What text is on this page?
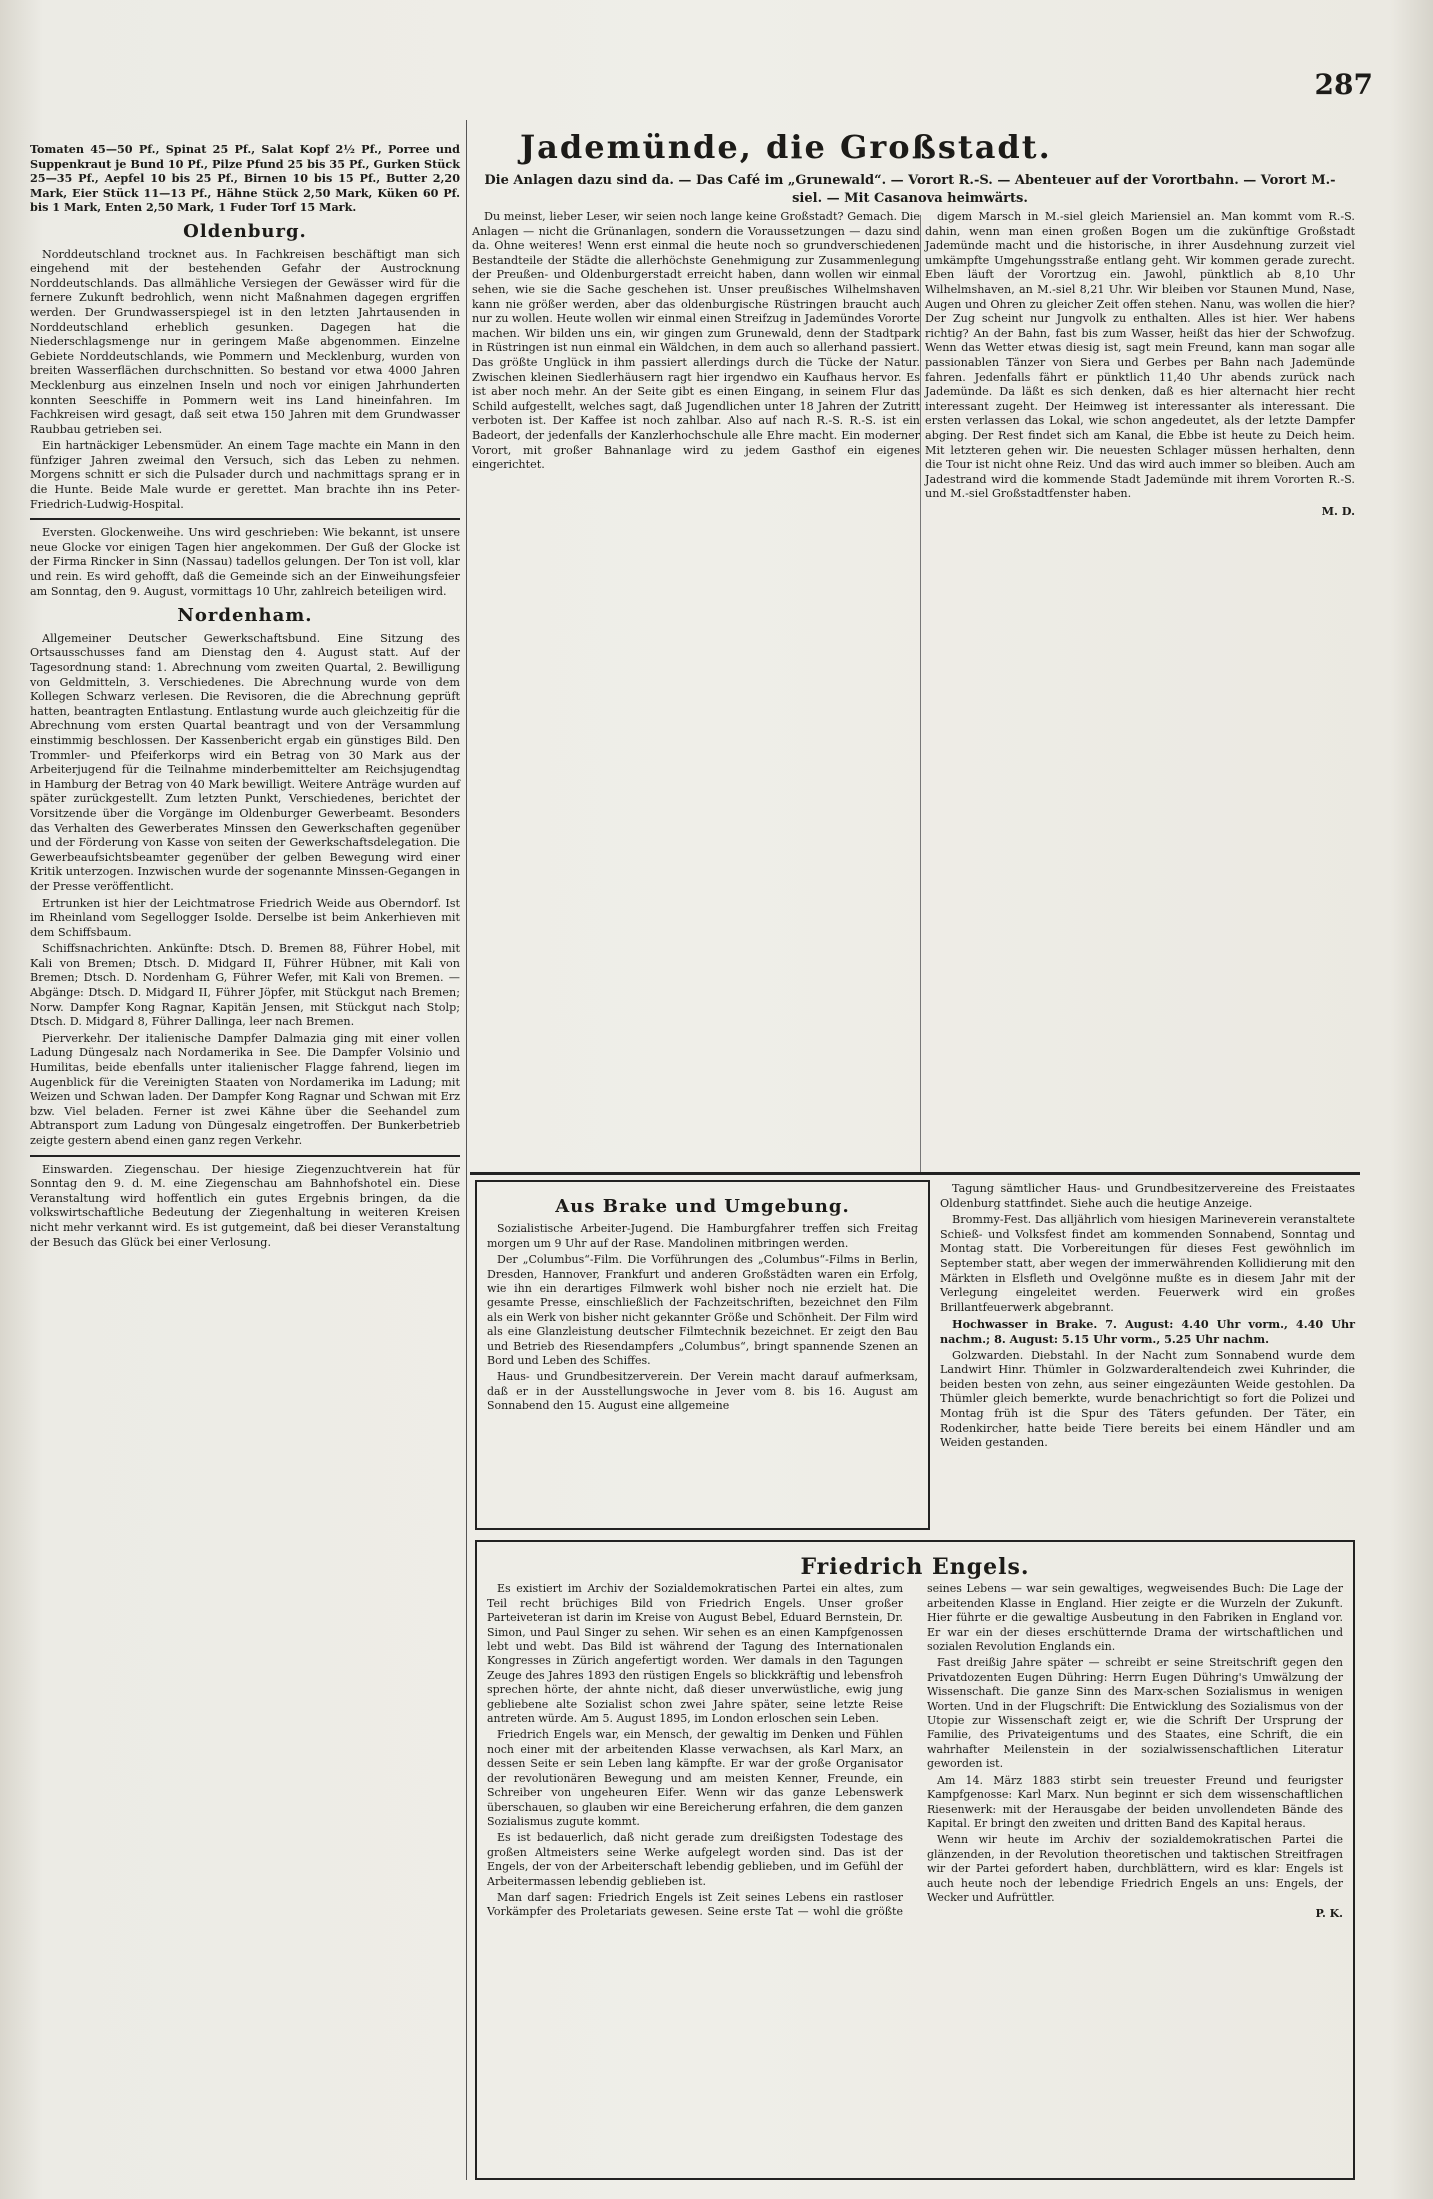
287

Tomaten 45—50 Pf., Spinat 25 Pf., Salat Kopf 2½ Pf., Porree und Suppenkraut je Bund 10 Pf., Pilze Pfund 25 bis 35 Pf., Gurken Stück 25—35 Pf., Aepfel 10 bis 25 Pf., Birnen 10 bis 15 Pf., Butter 2,20 Mark, Eier Stück 11—13 Pf., Hähne Stück 2,50 Mark, Küken 60 Pf. bis 1 Mark, Enten 2,50 Mark, 1 Fuder Torf 15 Mark.

Oldenburg.

Norddeutschland trocknet aus. In Fachkreisen beschäftigt man sich eingehend mit der bestehenden Gefahr der Austrocknung Norddeutschlands. Das allmähliche Versiegen der Gewässer wird für die fernere Zukunft bedrohlich, wenn nicht Maßnahmen dagegen ergriffen werden. Der Grundwasserspiegel ist in den letzten Jahrtausenden in Norddeutschland erheblich gesunken. Dagegen hat die Niederschlagsmenge nur in geringem Maße abgenommen. Einzelne Gebiete Norddeutschlands, wie Pommern und Mecklenburg, wurden von breiten Wasserflächen durchschnitten. So bestand vor etwa 4000 Jahren Mecklenburg aus einzelnen Inseln und noch vor einigen Jahrhunderten konnten Seeschiffe in Pommern weit ins Land hineinfahren. Im Fachkreisen wird gesagt, daß seit etwa 150 Jahren mit dem Grundwasser Raubbau getrieben sei.

Ein hartnäckiger Lebensmüder. An einem Tage machte ein Mann in den fünfziger Jahren zweimal den Versuch, sich das Leben zu nehmen. Morgens schnitt er sich die Pulsader durch und nachmittags sprang er in die Hunte. Beide Male wurde er gerettet. Man brachte ihn ins Peter-Friedrich-Ludwig-Hospital.

Eversten. Glockenweihe. Uns wird geschrieben: Wie bekannt, ist unsere neue Glocke vor einigen Tagen hier angekommen. Der Guß der Glocke ist der Firma Rincker in Sinn (Nassau) tadellos gelungen. Der Ton ist voll, klar und rein. Es wird gehofft, daß die Gemeinde sich an der Einweihungsfeier am Sonntag, den 9. August, vormittags 10 Uhr, zahlreich beteiligen wird.

Nordenham.

Allgemeiner Deutscher Gewerkschaftsbund. Eine Sitzung des Ortsausschusses fand am Dienstag den 4. August statt. Auf der Tagesordnung stand: 1. Abrechnung vom zweiten Quartal, 2. Bewilligung von Geldmitteln, 3. Verschiedenes. Die Abrechnung wurde von dem Kollegen Schwarz verlesen. Die Revisoren, die die Abrechnung geprüft hatten, beantragten Entlastung. Entlastung wurde auch gleichzeitig für die Abrechnung vom ersten Quartal beantragt und von der Versammlung einstimmig beschlossen. Der Kassenbericht ergab ein günstiges Bild. Den Trommler- und Pfeiferkorps wird ein Betrag von 30 Mark aus der Arbeiterjugend für die Teilnahme minderbemittelter am Reichsjugendtag in Hamburg der Betrag von 40 Mark bewilligt. Weitere Anträge wurden auf später zurückgestellt. Zum letzten Punkt, Verschiedenes, berichtet der Vorsitzende über die Vorgänge im Oldenburger Gewerbeamt. Besonders das Verhalten des Gewerberates Minssen den Gewerkschaften gegenüber und der Förderung von Kasse von seiten der Gewerkschaftsdelegation. Die Gewerbeaufsichtsbeamter gegenüber der gelben Bewegung wird einer Kritik unterzogen. Inzwischen wurde der sogenannte Minssen-Gegangen in der Presse veröffentlicht.

Ertrunken ist hier der Leichtmatrose Friedrich Weide aus Oberndorf. Ist im Rheinland vom Segellogger Isolde. Derselbe ist beim Ankerhieven mit dem Schiffsbaum.

Schiffsnachrichten. Ankünfte: Dtsch. D. Bremen 88, Führer Hobel, mit Kali von Bremen; Dtsch. D. Midgard II, Führer Hübner, mit Kali von Bremen; Dtsch. D. Nordenham G, Führer Wefer, mit Kali von Bremen. — Abgänge: Dtsch. D. Midgard II, Führer Jöpfer, mit Stückgut nach Bremen; Norw. Dampfer Kong Ragnar, Kapitän Jensen, mit Stückgut nach Stolp; Dtsch. D. Midgard 8, Führer Dallinga, leer nach Bremen.

Pierverkehr. Der italienische Dampfer Dalmazia ging mit einer vollen Ladung Düngesalz nach Nordamerika in See. Die Dampfer Volsinio und Humilitas, beide ebenfalls unter italienischer Flagge fahrend, liegen im Augenblick für die Vereinigten Staaten von Nordamerika im Ladung; mit Weizen und Schwan laden. Der Dampfer Kong Ragnar und Schwan mit Erz bzw. Viel beladen. Ferner ist zwei Kähne über die Seehandel zum Abtransport zum Ladung von Düngesalz eingetroffen. Der Bunkerbetrieb zeigte gestern abend einen ganz regen Verkehr.

Einswarden. Ziegenschau. Der hiesige Ziegenzuchtverein hat für Sonntag den 9. d. M. eine Ziegenschau am Bahnhofshotel ein. Diese Veranstaltung wird hoffentlich ein gutes Ergebnis bringen, da die volkswirtschaftliche Bedeutung der Ziegenhaltung in weiteren Kreisen nicht mehr verkannt wird. Es ist gutgemeint, daß bei dieser Veranstaltung der Besuch das Glück bei einer Verlosung.

Jademünde, die Großstadt.
Die Anlagen dazu sind da. — Das Café im „Grunewald“. — Vorort R.-S. — Abenteuer auf der Vorortbahn. — Vorort M.-siel. — Mit Casanova heimwärts.

Du meinst, lieber Leser, wir seien noch lange keine Großstadt? Gemach. Die Anlagen — nicht die Grünanlagen, sondern die Voraussetzungen — dazu sind da. Ohne weiteres! Wenn erst einmal die heute noch so grundverschiedenen Bestandteile der Städte die allerhöchste Genehmigung zur Zusammenlegung der Preußen- und Oldenburgerstadt erreicht haben, dann wollen wir einmal sehen, wie sie die Sache geschehen ist. Unser preußisches Wilhelmshaven kann nie größer werden, aber das oldenburgische Rüstringen braucht auch nur zu wollen. Heute wollen wir einmal einen Streifzug in Jademündes Vororte machen. Wir bilden uns ein, wir gingen zum Grunewald, denn der Stadtpark in Rüstringen ist nun einmal ein Wäldchen, in dem auch so allerhand passiert. Das größte Unglück in ihm passiert allerdings durch die Tücke der Natur. Zwischen kleinen Siedlerhäusern ragt hier irgendwo ein Kaufhaus hervor. Es ist aber noch mehr. An der Seite gibt es einen Eingang, in seinem Flur das Schild aufgestellt, welches sagt, daß Jugendlichen unter 18 Jahren der Zutritt verboten ist. Der Kaffee ist noch zahlbar. Also auf nach R.-S. R.-S. ist ein Badeort, der jedenfalls der Kanzlerhochschule alle Ehre macht. Ein moderner Vorort, mit großer Bahnanlage wird zu jedem Gasthof ein eigenes eingerichtet.

digem Marsch in M.-siel gleich Mariensiel an. Man kommt vom R.-S. dahin, wenn man einen großen Bogen um die zukünftige Großstadt Jademünde macht und die historische, in ihrer Ausdehnung zurzeit viel umkämpfte Umgehungsstraße entlang geht. Wir kommen gerade zurecht. Eben läuft der Vorortzug ein. Jawohl, pünktlich ab 8,10 Uhr Wilhelmshaven, an M.-siel 8,21 Uhr. Wir bleiben vor Staunen Mund, Nase, Augen und Ohren zu gleicher Zeit offen stehen. Nanu, was wollen die hier? Der Zug scheint nur Jungvolk zu enthalten. Alles ist hier. Wer habens richtig? An der Bahn, fast bis zum Wasser, heißt das hier der Schwofzug. Wenn das Wetter etwas diesig ist, sagt mein Freund, kann man sogar alle passionablen Tänzer von Siera und Gerbes per Bahn nach Jademünde fahren. Jedenfalls fährt er pünktlich 11,40 Uhr abends zurück nach Jademünde. Da läßt es sich denken, daß es hier alternacht hier recht interessant zugeht. Der Heimweg ist interessanter als interessant. Die ersten verlassen das Lokal, wie schon angedeutet, als der letzte Dampfer abging. Der Rest findet sich am Kanal, die Ebbe ist heute zu Deich heim. Mit letzteren gehen wir. Die neuesten Schlager müssen herhalten, denn die Tour ist nicht ohne Reiz. Und das wird auch immer so bleiben. Auch am Jadestrand wird die kommende Stadt Jademünde mit ihrem Vororten R.-S. und M.-siel Großstadtfenster haben.

M. D.

Aus Brake und Umgebung.

Sozialistische Arbeiter-Jugend. Die Hamburgfahrer treffen sich Freitag morgen um 9 Uhr auf der Rase. Mandolinen mitbringen werden.

Der „Columbus“-Film. Die Vorführungen des „Columbus“-Films in Berlin, Dresden, Hannover, Frankfurt und anderen Großstädten waren ein Erfolg, wie ihn ein derartiges Filmwerk wohl bisher noch nie erzielt hat. Die gesamte Presse, einschließlich der Fachzeitschriften, bezeichnet den Film als ein Werk von bisher nicht gekannter Größe und Schönheit. Der Film wird als eine Glanzleistung deutscher Filmtechnik bezeichnet. Er zeigt den Bau und Betrieb des Riesendampfers „Columbus“, bringt spannende Szenen an Bord und Leben des Schiffes.

Haus- und Grundbesitzerverein. Der Verein macht darauf aufmerksam, daß er in der Ausstellungswoche in Jever vom 8. bis 16. August am Sonnabend den 15. August eine allgemeine

Tagung sämtlicher Haus- und Grundbesitzervereine des Freistaates Oldenburg stattfindet. Siehe auch die heutige Anzeige.

Brommy-Fest. Das alljährlich vom hiesigen Marineverein veranstaltete Schieß- und Volksfest findet am kommenden Sonnabend, Sonntag und Montag statt. Die Vorbereitungen für dieses Fest gewöhnlich im September statt, aber wegen der immerwährenden Kollidierung mit den Märkten in Elsfleth und Ovelgönne mußte es in diesem Jahr mit der Verlegung eingeleitet werden. Feuerwerk wird ein großes Brillantfeuerwerk abgebrannt.

Hochwasser in Brake. 7. August: 4.40 Uhr vorm., 4.40 Uhr nachm.; 8. August: 5.15 Uhr vorm., 5.25 Uhr nachm.

Golzwarden. Diebstahl. In der Nacht zum Sonnabend wurde dem Landwirt Hinr. Thümler in Golzwarderaltendeich zwei Kuhrinder, die beiden besten von zehn, aus seiner eingezäunten Weide gestohlen. Da Thümler gleich bemerkte, wurde benachrichtigt so fort die Polizei und Montag früh ist die Spur des Täters gefunden. Der Täter, ein Rodenkircher, hatte beide Tiere bereits bei einem Händler und am Weiden gestanden.

Friedrich Engels.

Es existiert im Archiv der Sozialdemokratischen Partei ein altes, zum Teil recht brüchiges Bild von Friedrich Engels. Unser großer Parteiveteran ist darin im Kreise von August Bebel, Eduard Bernstein, Dr. Simon, und Paul Singer zu sehen. Wir sehen es an einen Kampfgenossen lebt und webt. Das Bild ist während der Tagung des Internationalen Kongresses in Zürich angefertigt worden. Wer damals in den Tagungen Zeuge des Jahres 1893 den rüstigen Engels so blickkräftig und lebensfroh sprechen hörte, der ahnte nicht, daß dieser unverwüstliche, ewig jung gebliebene alte Sozialist schon zwei Jahre später, seine letzte Reise antreten würde. Am 5. August 1895, im London erloschen sein Leben.

Friedrich Engels war, ein Mensch, der gewaltig im Denken und Fühlen noch einer mit der arbeitenden Klasse verwachsen, als Karl Marx, an dessen Seite er sein Leben lang kämpfte. Er war der große Organisator der revolutionären Bewegung und am meisten Kenner, Freunde, ein Schreiber von ungeheuren Eifer. Wenn wir das ganze Lebenswerk überschauen, so glauben wir eine Bereicherung erfahren, die dem ganzen Sozialismus zugute kommt.

Es ist bedauerlich, daß nicht gerade zum dreißigsten Todestage des großen Altmeisters seine Werke aufgelegt worden sind. Das ist der Engels, der von der Arbeiterschaft lebendig geblieben, und im Gefühl der Arbeitermassen lebendig geblieben ist.

Man darf sagen: Friedrich Engels ist Zeit seines Lebens ein rastloser Vorkämpfer des Proletariats gewesen. Seine erste Tat — wohl die größte seines Lebens — war sein gewaltiges, wegweisendes Buch: Die Lage der arbeitenden Klasse in England. Hier zeigte er die Wurzeln der Zukunft. Hier führte er die gewaltige Ausbeutung in den Fabriken in England vor. Er war ein der dieses erschütternde Drama der wirtschaftlichen und sozialen Revolution Englands ein.

Fast dreißig Jahre später — schreibt er seine Streitschrift gegen den Privatdozenten Eugen Dühring: Herrn Eugen Dühring's Umwälzung der Wissenschaft. Die ganze Sinn des Marx-schen Sozialismus in wenigen Worten. Und in der Flugschrift: Die Entwicklung des Sozialismus von der Utopie zur Wissenschaft zeigt er, wie die Schrift Der Ursprung der Familie, des Privateigentums und des Staates, eine Schrift, die ein wahrhafter Meilenstein in der sozialwissenschaftlichen Literatur geworden ist.

Am 14. März 1883 stirbt sein treuester Freund und feurigster Kampfgenosse: Karl Marx. Nun beginnt er sich dem wissenschaftlichen Riesenwerk: mit der Herausgabe der beiden unvollendeten Bände des Kapital. Er bringt den zweiten und dritten Band des Kapital heraus.

Wenn wir heute im Archiv der sozialdemokratischen Partei die glänzenden, in der Revolution theoretischen und taktischen Streitfragen wir der Partei gefordert haben, durchblättern, wird es klar: Engels ist auch heute noch der lebendige Friedrich Engels an uns: Engels, der Wecker und Aufrüttler.

P. K.
